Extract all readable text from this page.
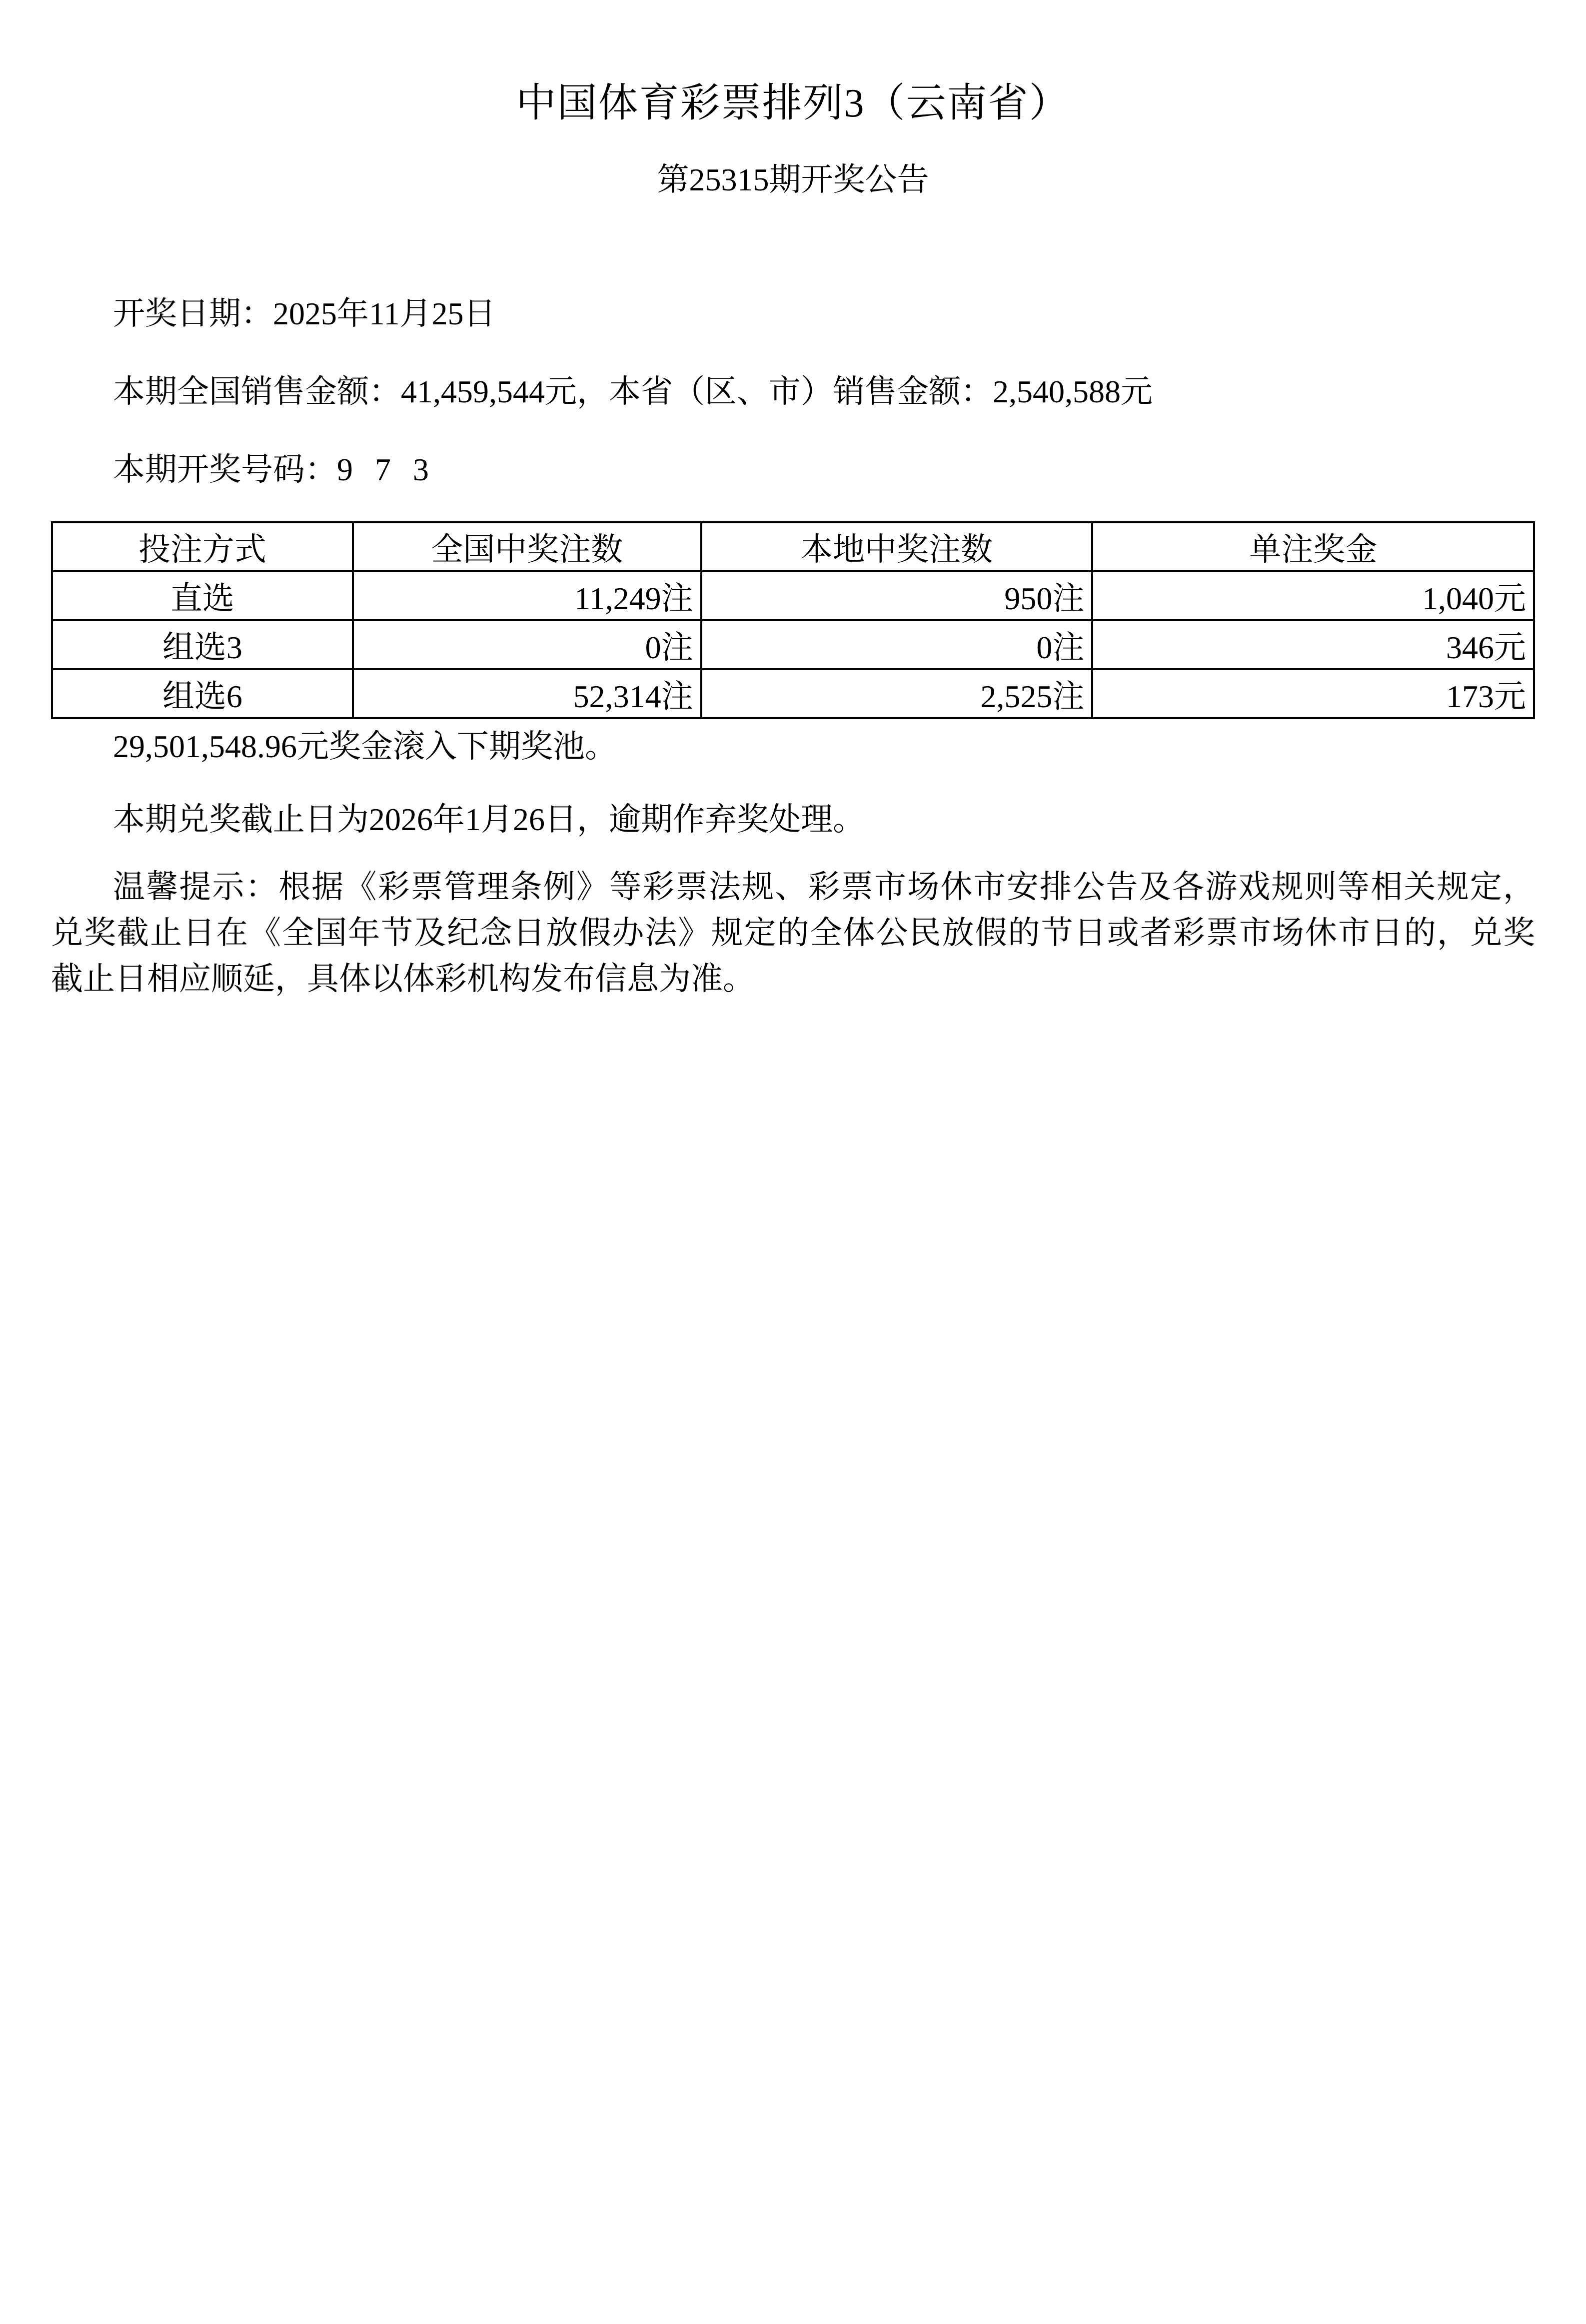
中国体育彩票排列3（云南省）
第25315期开奖公告
开奖日期：2025年11月25日
本期全国销售金额：41,459,544元，本省（区、市）销售金额：2,540,588元
本期开奖号码：9 7 3
投注方式	全国中奖注数	本地中奖注数	单注奖金
直选	11,249注	950注	1,040元
组选3	0注	0注	346元
组选6	52,314注	2,525注	173元
29,501,548.96元奖金滚入下期奖池。
本期兑奖截止日为2026年1月26日，逾期作弃奖处理。
温馨提示：根据《彩票管理条例》等彩票法规、彩票市场休市安排公告及各游戏规则等相关规定，
兑奖截止日在《全国年节及纪念日放假办法》规定的全体公民放假的节日或者彩票市场休市日的，兑奖
截止日相应顺延，具体以体彩机构发布信息为准。
